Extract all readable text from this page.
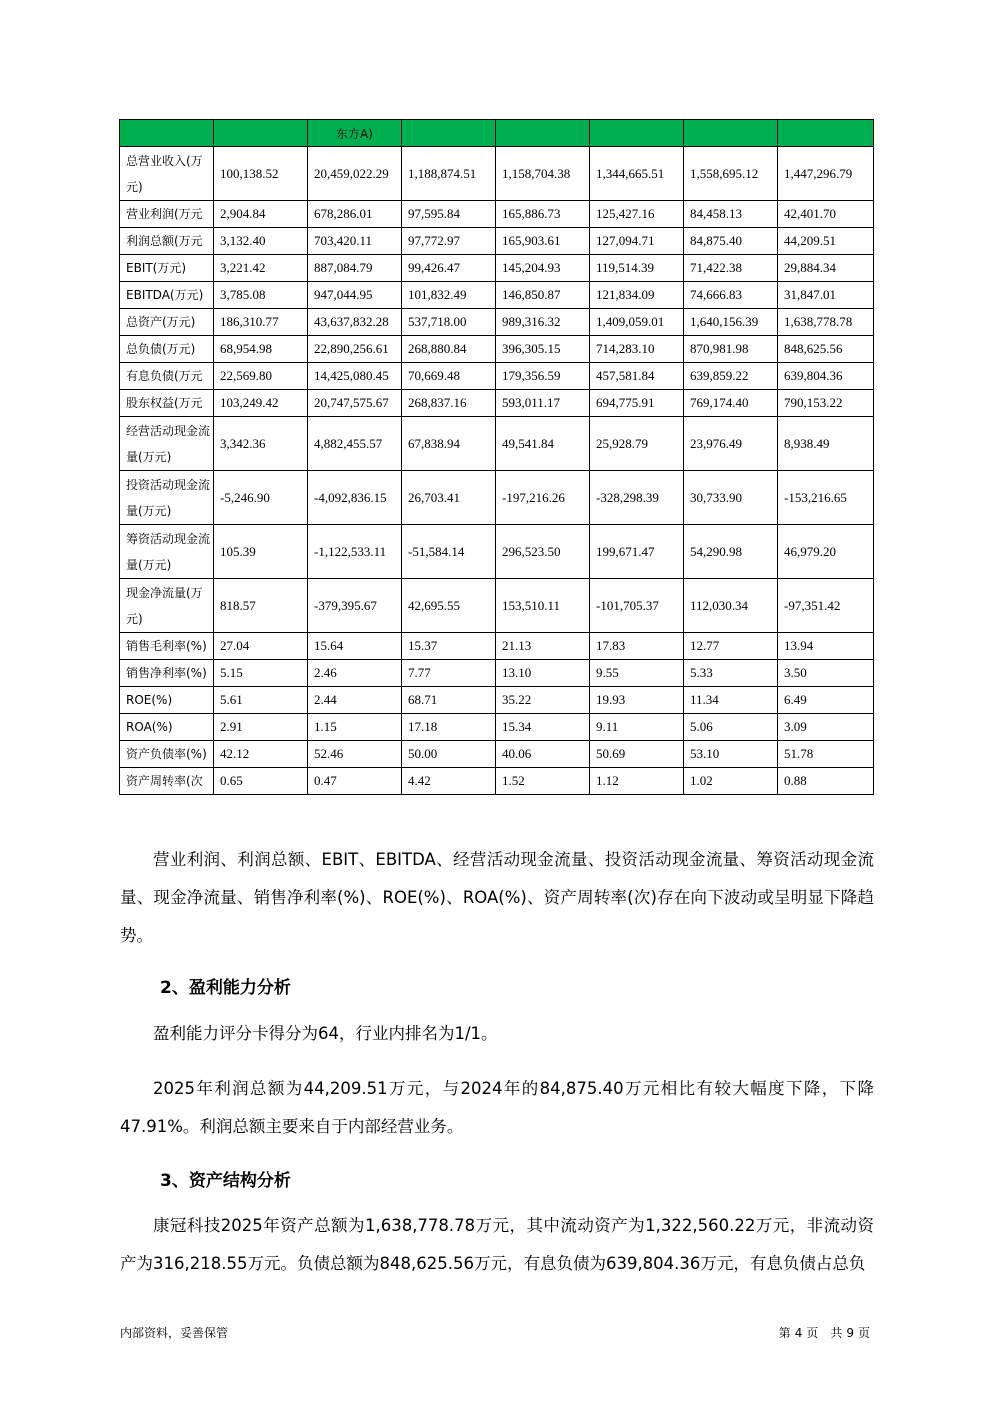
		东方A)					
总营业收入(万元)	100,138.52	20,459,022.29	1,188,874.51	1,158,704.38	1,344,665.51	1,558,695.12	1,447,296.79
营业利润(万元	2,904.84	678,286.01	97,595.84	165,886.73	125,427.16	84,458.13	42,401.70
利润总额(万元	3,132.40	703,420.11	97,772.97	165,903.61	127,094.71	84,875.40	44,209.51
EBIT(万元)	3,221.42	887,084.79	99,426.47	145,204.93	119,514.39	71,422.38	29,884.34
EBITDA(万元)	3,785.08	947,044.95	101,832.49	146,850.87	121,834.09	74,666.83	31,847.01
总资产(万元)	186,310.77	43,637,832.28	537,718.00	989,316.32	1,409,059.01	1,640,156.39	1,638,778.78
总负债(万元)	68,954.98	22,890,256.61	268,880.84	396,305.15	714,283.10	870,981.98	848,625.56
有息负债(万元	22,569.80	14,425,080.45	70,669.48	179,356.59	457,581.84	639,859.22	639,804.36
股东权益(万元	103,249.42	20,747,575.67	268,837.16	593,011.17	694,775.91	769,174.40	790,153.22
经营活动现金流量(万元)	3,342.36	4,882,455.57	67,838.94	49,541.84	25,928.79	23,976.49	8,938.49
投资活动现金流量(万元)	-5,246.90	-4,092,836.15	26,703.41	-197,216.26	-328,298.39	30,733.90	-153,216.65
筹资活动现金流量(万元)	105.39	-1,122,533.11	-51,584.14	296,523.50	199,671.47	54,290.98	46,979.20
现金净流量(万元)	818.57	-379,395.67	42,695.55	153,510.11	-101,705.37	112,030.34	-97,351.42
销售毛利率(%)	27.04	15.64	15.37	21.13	17.83	12.77	13.94
销售净利率(%)	5.15	2.46	7.77	13.10	9.55	5.33	3.50
ROE(%)	5.61	2.44	68.71	35.22	19.93	11.34	6.49
ROA(%)	2.91	1.15	17.18	15.34	9.11	5.06	3.09
资产负债率(%)	42.12	52.46	50.00	40.06	50.69	53.10	51.78
资产周转率(次	0.65	0.47	4.42	1.52	1.12	1.02	0.88
营业利润、利润总额、EBIT、EBITDA、经营活动现金流量、投资活动现金流量、筹资活动现金流量、现金净流量、销售净利率(%)、ROE(%)、ROA(%)、资产周转率(次)存在向下波动或呈明显下降趋势。
2、盈利能力分析
盈利能力评分卡得分为64，行业内排名为1/1。
2025年利润总额为44,209.51万元，与2024年的84,875.40万元相比有较大幅度下降，下降47.91%。利润总额主要来自于内部经营业务。
3、资产结构分析
康冠科技2025年资产总额为1,638,778.78万元，其中流动资产为1,322,560.22万元，非流动资产为316,218.55万元。负债总额为848,625.56万元，有息负债为639,804.36万元，有息负债占总负
内部资料，妥善保管	第 4 页　共 9 页
